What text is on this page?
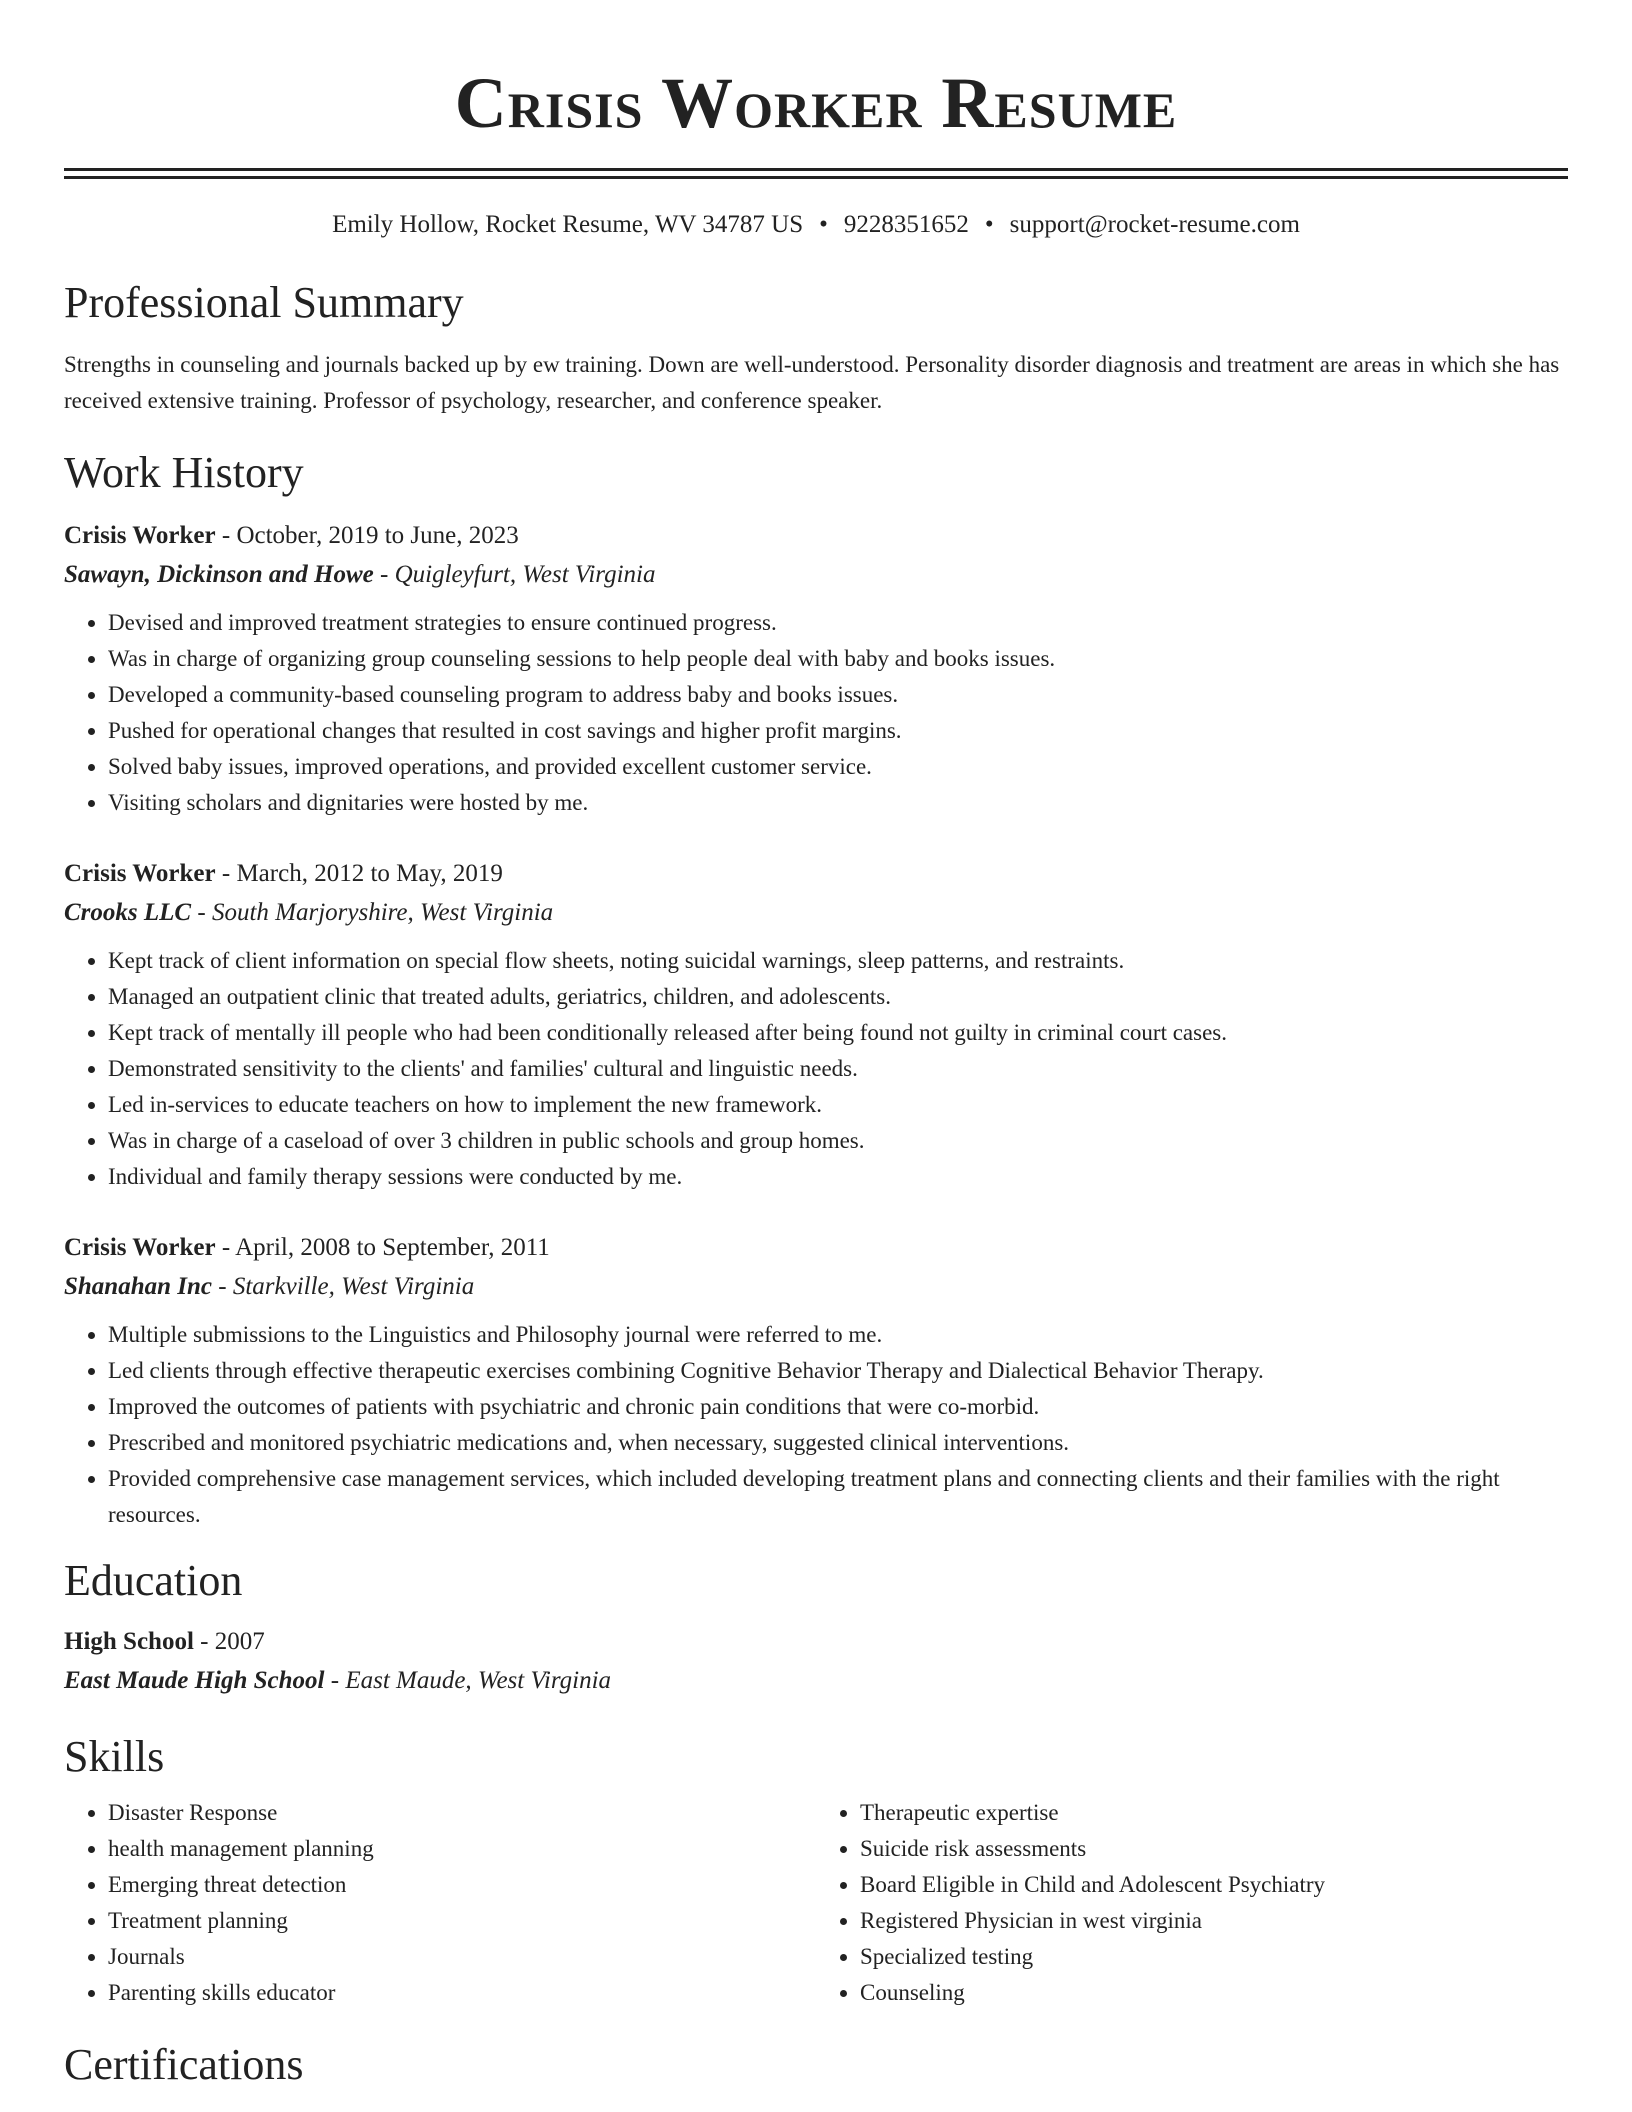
Crisis Worker Resume
Emily Hollow, Rocket Resume, WV 34787 US • 9228351652 • support@rocket-resume.com
Professional Summary

Strengths in counseling and journals backed up by ew training. Down are well-understood. Personality disorder diagnosis and treatment are areas in which she has received extensive training. Professor of psychology, researcher, and conference speaker.

Work History
Crisis Worker - October, 2019 to June, 2023
Sawayn, Dickinson and Howe - Quigleyfurt, West Virginia
• Devised and improved treatment strategies to ensure continued progress.
• Was in charge of organizing group counseling sessions to help people deal with baby and books issues.
• Developed a community-based counseling program to address baby and books issues.
• Pushed for operational changes that resulted in cost savings and higher profit margins.
• Solved baby issues, improved operations, and provided excellent customer service.
• Visiting scholars and dignitaries were hosted by me.
Crisis Worker - March, 2012 to May, 2019
Crooks LLC - South Marjoryshire, West Virginia
• Kept track of client information on special flow sheets, noting suicidal warnings, sleep patterns, and restraints.
• Managed an outpatient clinic that treated adults, geriatrics, children, and adolescents.
• Kept track of mentally ill people who had been conditionally released after being found not guilty in criminal court cases.
• Demonstrated sensitivity to the clients' and families' cultural and linguistic needs.
• Led in-services to educate teachers on how to implement the new framework.
• Was in charge of a caseload of over 3 children in public schools and group homes.
• Individual and family therapy sessions were conducted by me.
Crisis Worker - April, 2008 to September, 2011
Shanahan Inc - Starkville, West Virginia
• Multiple submissions to the Linguistics and Philosophy journal were referred to me.
• Led clients through effective therapeutic exercises combining Cognitive Behavior Therapy and Dialectical Behavior Therapy.
• Improved the outcomes of patients with psychiatric and chronic pain conditions that were co-morbid.
• Prescribed and monitored psychiatric medications and, when necessary, suggested clinical interventions.
• Provided comprehensive case management services, which included developing treatment plans and connecting clients and their families with the right resources.
Education
High School - 2007
East Maude High School - East Maude, West Virginia
Skills
• Disaster Response
• health management planning
• Emerging threat detection
• Treatment planning
• Journals
• Parenting skills educator
• Therapeutic expertise
• Suicide risk assessments
• Board Eligible in Child and Adolescent Psychiatry
• Registered Physician in west virginia
• Specialized testing
• Counseling
Certifications
